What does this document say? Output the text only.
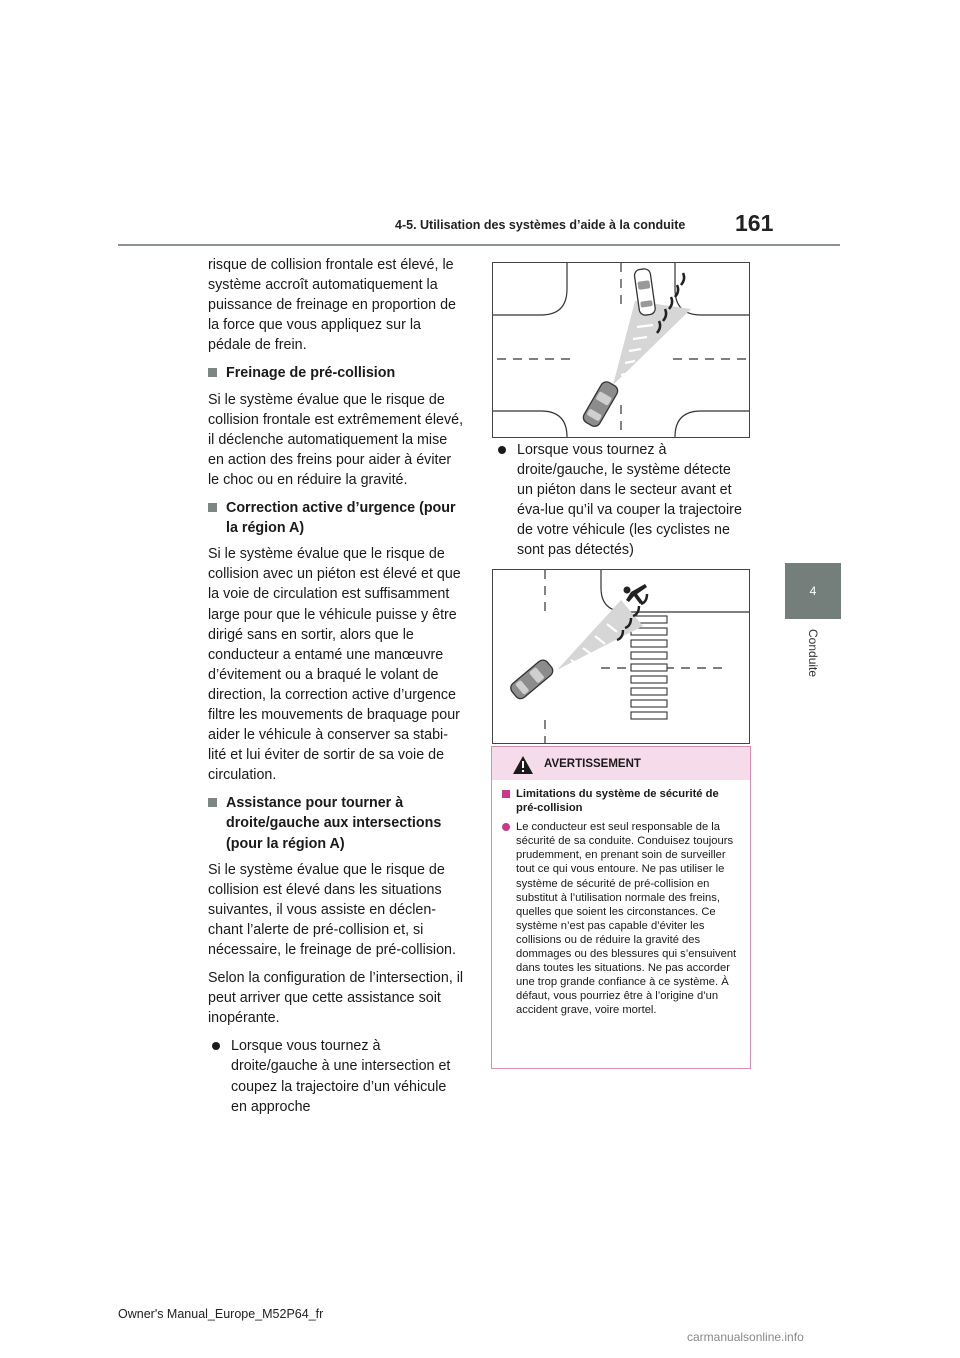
4-5. Utilisation des systèmes d’aide à la conduite 161
4
Conduite

risque de collision frontale est élevé, le système accroît automatiquement la puissance de freinage en proportion de la force que vous appliquez sur la pédale de frein.

Freinage de pré-collision

Si le système évalue que le risque de collision frontale est extrêmement élevé, il déclenche automatiquement la mise en action des freins pour aider à éviter le choc ou en réduire la gravité.

Correction active d’urgence (pour la région A)

Si le système évalue que le risque de collision avec un piéton est élevé et que la voie de circulation est suffisamment large pour que le véhicule puisse y être dirigé sans en sortir, alors que le conducteur a entamé une manœuvre d’évitement ou a braqué le volant de direction, la correction active d’urgence filtre les mouvements de braquage pour aider le véhicule à conserver sa stabi-lité et lui éviter de sortir de sa voie de circulation.

Assistance pour tourner à droite/gauche aux intersections (pour la région A)

Si le système évalue que le risque de collision est élevé dans les situations suivantes, il vous assiste en déclen-chant l’alerte de pré-collision et, si nécessaire, le freinage de pré-collision.

Selon la configuration de l’intersection, il peut arriver que cette assistance soit inopérante.

Lorsque vous tournez à droite/gauche à une intersection et coupez la trajectoire d’un véhicule en approche
Lorsque vous tournez à droite/gauche, le système détecte un piéton dans le secteur avant et éva-lue qu’il va couper la trajectoire de votre véhicule (les cyclistes ne sont pas détectés)
AVERTISSEMENT
Limitations du système de sécurité de pré-collision
Le conducteur est seul responsable de la sécurité de sa conduite. Conduisez toujours prudemment, en prenant soin de surveiller tout ce qui vous entoure. Ne pas utiliser le système de sécurité de pré-collision en substitut à l’utilisation normale des freins, quelles que soient les circonstances. Ce système n’est pas capable d’éviter les collisions ou de réduire la gravité des dommages ou des blessures qui s’ensuivent dans toutes les situations. Ne pas accorder une trop grande confiance à ce système. À défaut, vous pourriez être à l’origine d’un accident grave, voire mortel.
Owner's Manual_Europe_M52P64_fr
carmanualsonline.info
